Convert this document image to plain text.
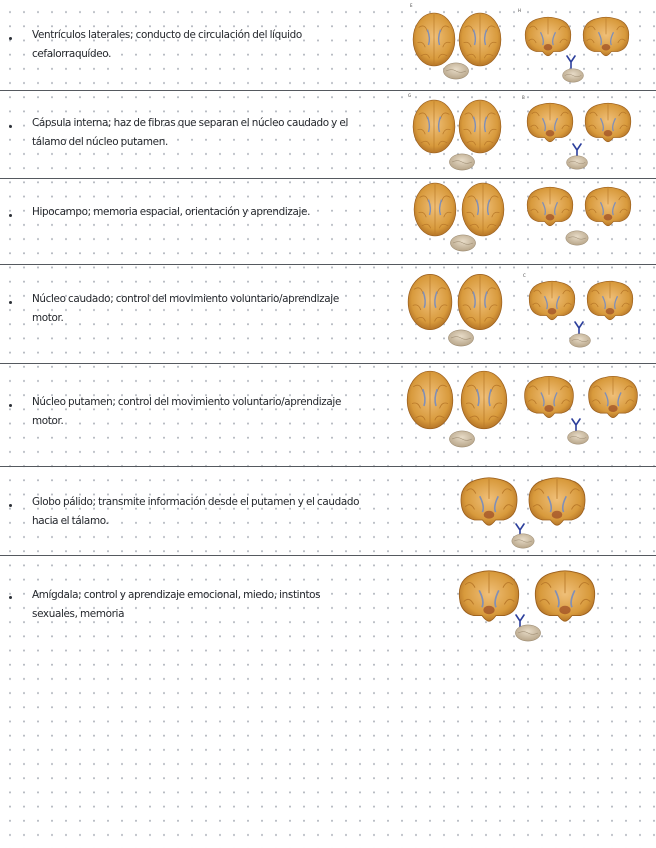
Ventrículos laterales; conducto de circulación del líquido cefalorraquídeo.
E
H
Cápsula interna; haz de fibras que separan el núcleo caudado y el tálamo del núcleo putamen.
G	B
Hipocampo; memoria espacial, orientación y aprendizaje.
Núcleo caudado; control del movimiento voluntario/aprendizaje motor.
C
Núcleo putamen; control del movimiento voluntario/aprendizaje motor.
Globo pálido; transmite información desde el putamen y el caudado hacia el tálamo.
Amígdala; control y aprendizaje emocional, miedo, instintos sexuales, memoria
